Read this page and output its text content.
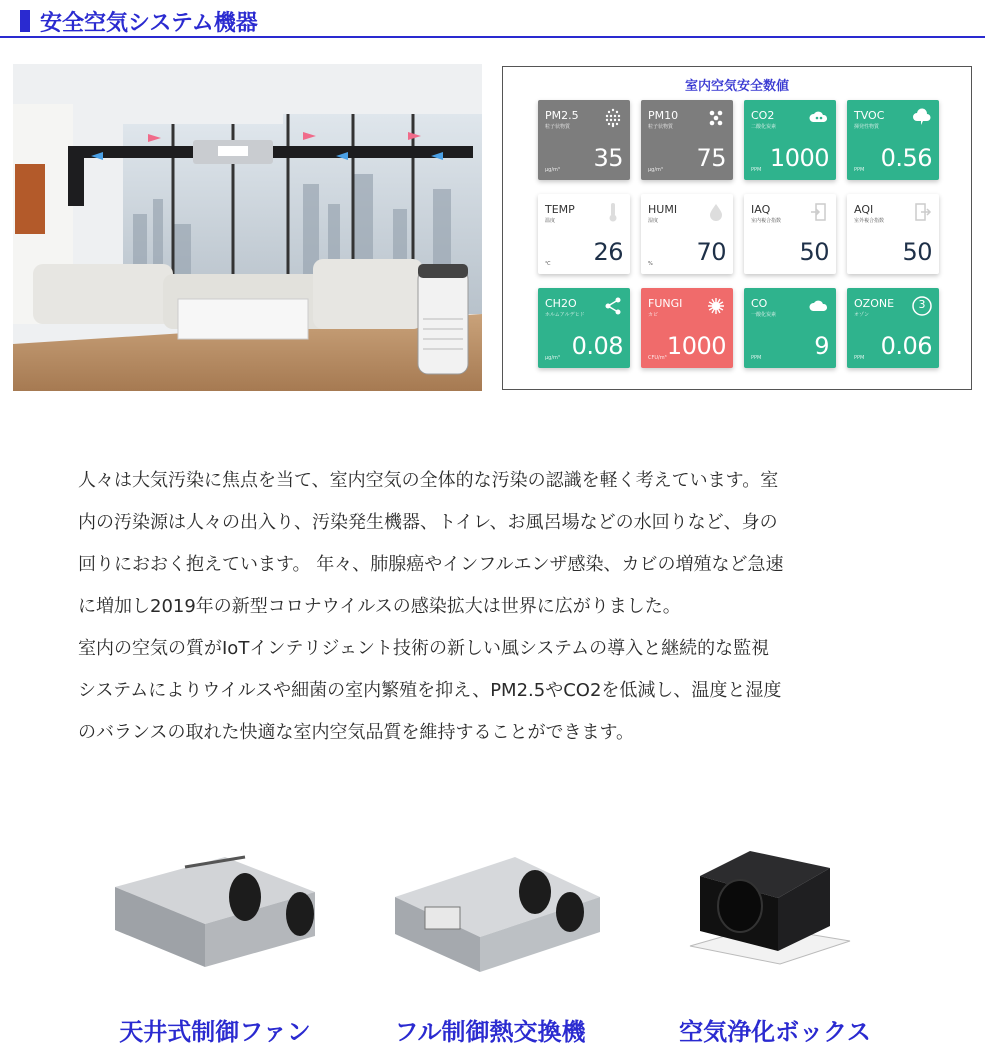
安全空気システム機器
室内空気安全数値
PM2.5
粒子状物質
μg/m³ 35
PM10
粒子状物質
μg/m³ 75
CO2
二酸化炭素
PPM 1000
TVOC
揮発性物質
PPM 0.56
TEMP
温度
℃ 26
HUMI
湿度
% 70
IAQ
室内複合指数
50
AQI
室外複合指数
50
CH2O
ホルムアルデヒド
μg/m³ 0.08
FUNGI
カビ
CFU/m³ 1000
CO
一酸化炭素
PPM 9
OZONE
オゾン
3
PPM 0.06

人々は大気汚染に焦点を当て、室内空気の全体的な汚染の認識を軽く考えています。室
内の汚染源は人々の出入り、汚染発生機器、トイレ、お風呂場などの水回りなど、身の
回りにおおく抱えています。 年々、肺腺癌やインフルエンザ感染、カビの増殖など急速
に増加し2019年の新型コロナウイルスの感染拡大は世界に広がりました。

室内の空気の質がIoTインテリジェント技術の新しい風システムの導入と継続的な監視
システムによりウイルスや細菌の室内繁殖を抑え、PM2.5やCO2を低減し、温度と湿度
のバランスの取れた快適な室内空気品質を維持することができます。

天井式制御ファン	フル制御熱交換機	空気浄化ボックス
